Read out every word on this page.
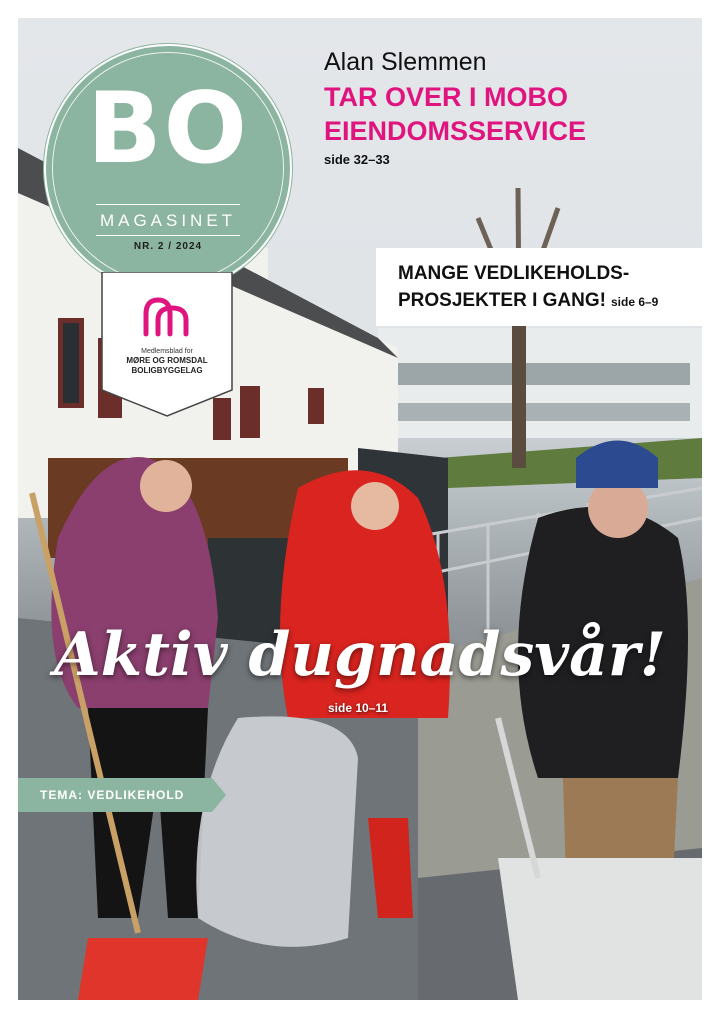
BO
MAGASINET
NR. 2 / 2024
Medlemsblad for
MØRE OG ROMSDAL
BOLIGBYGGELAG
Alan Slemmen
TAR OVER I MOBO
EIENDOMSSERVICE
side 32–33
MANGE VEDLIKEHOLDS-
PROSJEKTER I GANG! side 6–9
Aktiv dugnadsvår!
side 10–11
TEMA: VEDLIKEHOLD
